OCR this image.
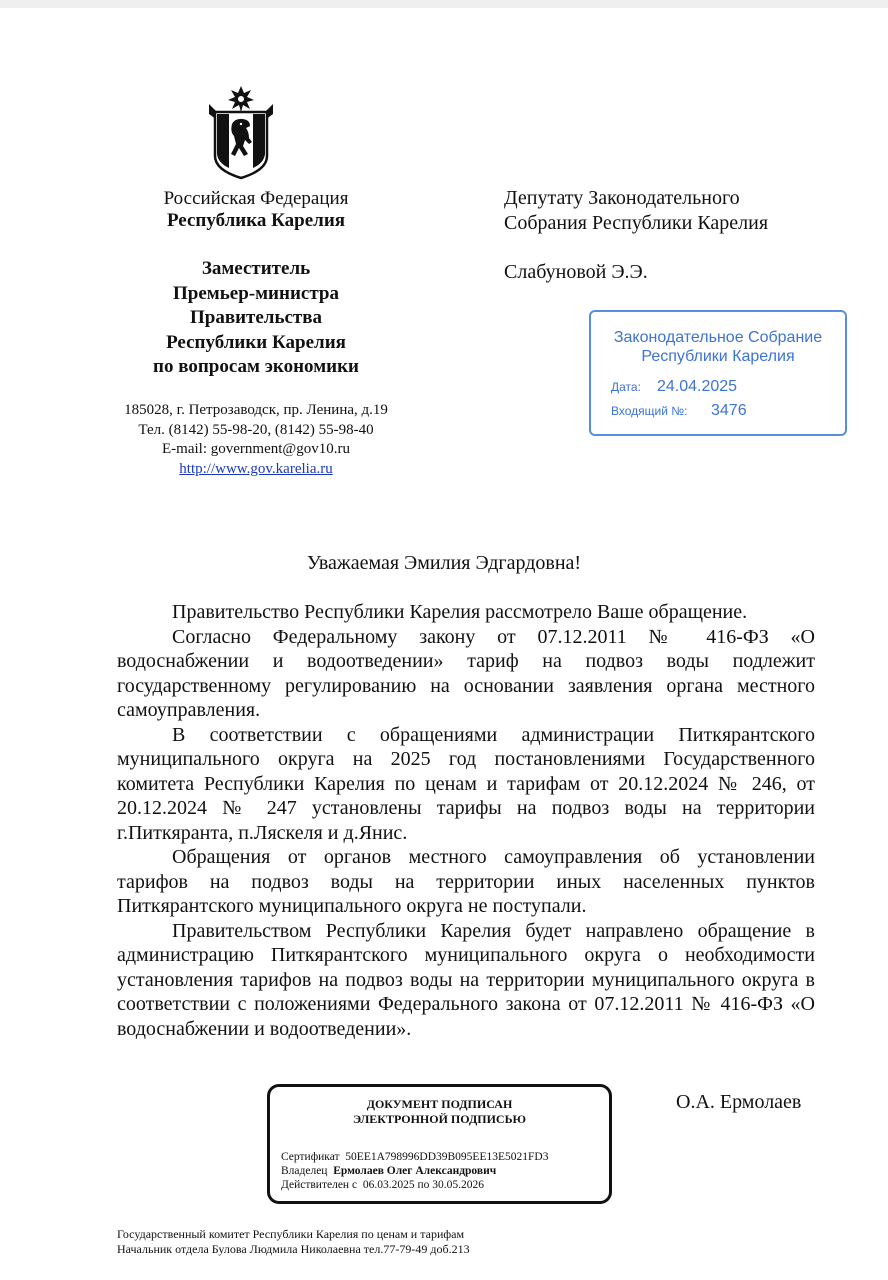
Российская Федерация
Республика Карелия
Заместитель
Премьер-министра
Правительства
Республики Карелия
по вопросам экономики
185028, г. Петрозаводск, пр. Ленина, д.19
Тел. (8142) 55-98-20, (8142) 55-98-40
E-mail: government@gov10.ru
http://www.gov.karelia.ru
Депутату Законодательного
Собрания Республики Карелия
Слабуновой Э.Э.
Законодательное Собрание
Республики Карелия
Дата: 24.04.2025
Входящий №: 3476
Уважаемая Эмилия Эдгардовна!

Правительство Республики Карелия рассмотрело Ваше обращение.

Согласно Федеральному закону от 07.12.2011 № 416-ФЗ «О водоснабжении и водоотведении» тариф на подвоз воды подлежит государственному регулированию на основании заявления органа местного самоуправления.

В соответствии с обращениями администрации Питкярантского муниципального округа на 2025 год постановлениями Государственного комитета Республики Карелия по ценам и тарифам от 20.12.2024 № 246, от 20.12.2024 № 247 установлены тарифы на подвоз воды на территории г.Питкяранта, п.Ляскеля и д.Янис.

Обращения от органов местного самоуправления об установлении тарифов на подвоз воды на территории иных населенных пунктов Питкярантского муниципального округа не поступали.

Правительством Республики Карелия будет направлено обращение в администрацию Питкярантского муниципального округа о необходимости установления тарифов на подвоз воды на территории муниципального округа в соответствии с положениями Федерального закона от 07.12.2011 № 416-ФЗ «О водоснабжении и водоотведении».

ДОКУМЕНТ ПОДПИСАН
ЭЛЕКТРОННОЙ ПОДПИСЬЮ
Сертификат 50EE1A798996DD39B095EE13E5021FD3
Владелец Ермолаев Олег Александрович
Действителен с 06.03.2025 по 30.05.2026
О.А. Ермолаев
Государственный комитет Республики Карелия по ценам и тарифам
Начальник отдела Булова Людмила Николаевна тел.77-79-49 доб.213
